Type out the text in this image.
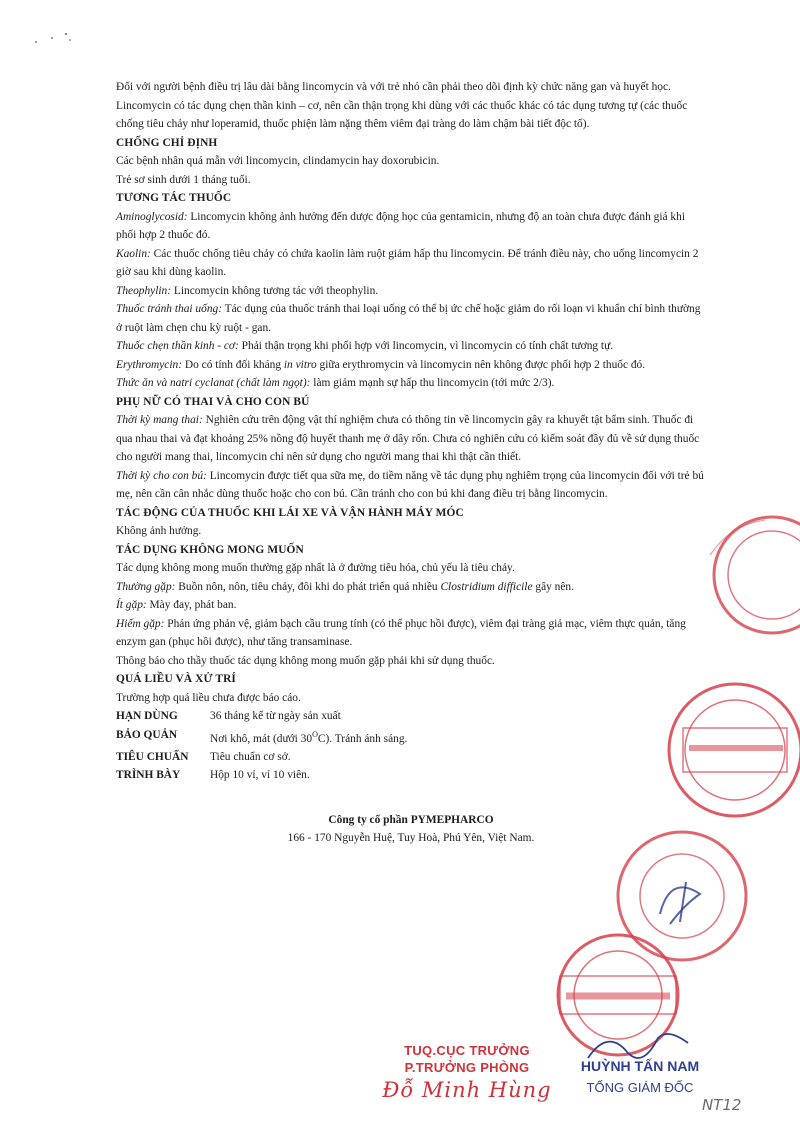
Đối với người bệnh điều trị lâu dài bằng lincomycin và với trẻ nhỏ cần phải theo dõi định kỳ chức năng gan và huyết học.

Lincomycin có tác dụng chẹn thần kinh – cơ, nên cần thận trọng khi dùng với các thuốc khác có tác dụng tương tự (các thuốc chống tiêu chảy như loperamid, thuốc phiện làm nặng thêm viêm đại tràng do làm chậm bài tiết độc tố).

CHỐNG CHỈ ĐỊNH

Các bệnh nhân quá mẫn với lincomycin, clindamycin hay doxorubicin.

Trẻ sơ sinh dưới 1 tháng tuổi.

TƯƠNG TÁC THUỐC

Aminoglycosid: Lincomycin không ảnh hưởng đến dược động học của gentamicin, nhưng độ an toàn chưa được đánh giá khi phối hợp 2 thuốc đó.

Kaolin: Các thuốc chống tiêu chảy có chứa kaolin làm ruột giảm hấp thu lincomycin. Để tránh điều này, cho uống lincomycin 2 giờ sau khi dùng kaolin.

Theophylin: Lincomycin không tương tác với theophylin.

Thuốc tránh thai uống: Tác dụng của thuốc tránh thai loại uống có thể bị ức chế hoặc giảm do rối loạn vi khuẩn chí bình thường ở ruột làm chẹn chu kỳ ruột - gan.

Thuốc chẹn thần kinh - cơ: Phải thận trọng khi phối hợp với lincomycin, vì lincomycin có tính chất tương tự.

Erythromycin: Do có tính đối kháng in vitro giữa erythromycin và lincomycin nên không được phối hợp 2 thuốc đó.

Thức ăn và natri cyclanat (chất làm ngọt): làm giảm mạnh sự hấp thu lincomycin (tới mức 2/3).

PHỤ NỮ CÓ THAI VÀ CHO CON BÚ

Thời kỳ mang thai: Nghiên cứu trên động vật thí nghiệm chưa có thông tin về lincomycin gây ra khuyết tật bẩm sinh. Thuốc đi qua nhau thai và đạt khoảng 25% nồng độ huyết thanh mẹ ở dây rốn. Chưa có nghiên cứu có kiểm soát đầy đủ về sử dụng thuốc cho người mang thai, lincomycin chỉ nên sử dụng cho người mang thai khi thật cần thiết.

Thời kỳ cho con bú: Lincomycin được tiết qua sữa mẹ, do tiềm năng về tác dụng phụ nghiêm trọng của lincomycin đối với trẻ bú mẹ, nên cần cân nhắc dùng thuốc hoặc cho con bú. Cần tránh cho con bú khi đang điều trị bằng lincomycin.

TÁC ĐỘNG CỦA THUỐC KHI LÁI XE VÀ VẬN HÀNH MÁY MÓC

Không ảnh hưởng.

TÁC DỤNG KHÔNG MONG MUỐN

Tác dụng không mong muốn thường gặp nhất là ở đường tiêu hóa, chủ yếu là tiêu chảy.

Thường gặp: Buồn nôn, nôn, tiêu chảy, đôi khi do phát triển quá nhiều Clostridium difficile gây nên.

Ít gặp: Mày đay, phát ban.

Hiếm gặp: Phản ứng phản vệ, giảm bạch cầu trung tính (có thể phục hồi được), viêm đại tràng giả mạc, viêm thực quản, tăng enzym gan (phục hồi được), như tăng transaminase.

Thông báo cho thầy thuốc tác dụng không mong muốn gặp phải khi sử dụng thuốc.

QUÁ LIỀU VÀ XỬ TRÍ

Trường hợp quá liều chưa được báo cáo.

HẠN DÙNG	36 tháng kể từ ngày sản xuất
BẢO QUẢN	Nơi khô, mát (dưới $30^OC$). Tránh ánh sáng.
TIÊU CHUẨN	Tiêu chuẩn cơ sở.
TRÌNH BÀY	Hộp 10 vỉ, vỉ 10 viên.
Công ty cổ phần PYMEPHARCO
166 - 170 Nguyễn Huệ, Tuy Hoà, Phú Yên, Việt Nam.
TUQ.CỤC TRƯỞNG
P.TRƯỞNG PHÒNG
Đỗ Minh Hùng
HUỲNH TẤN NAM
TỔNG GIÁM ĐỐC
NT12
